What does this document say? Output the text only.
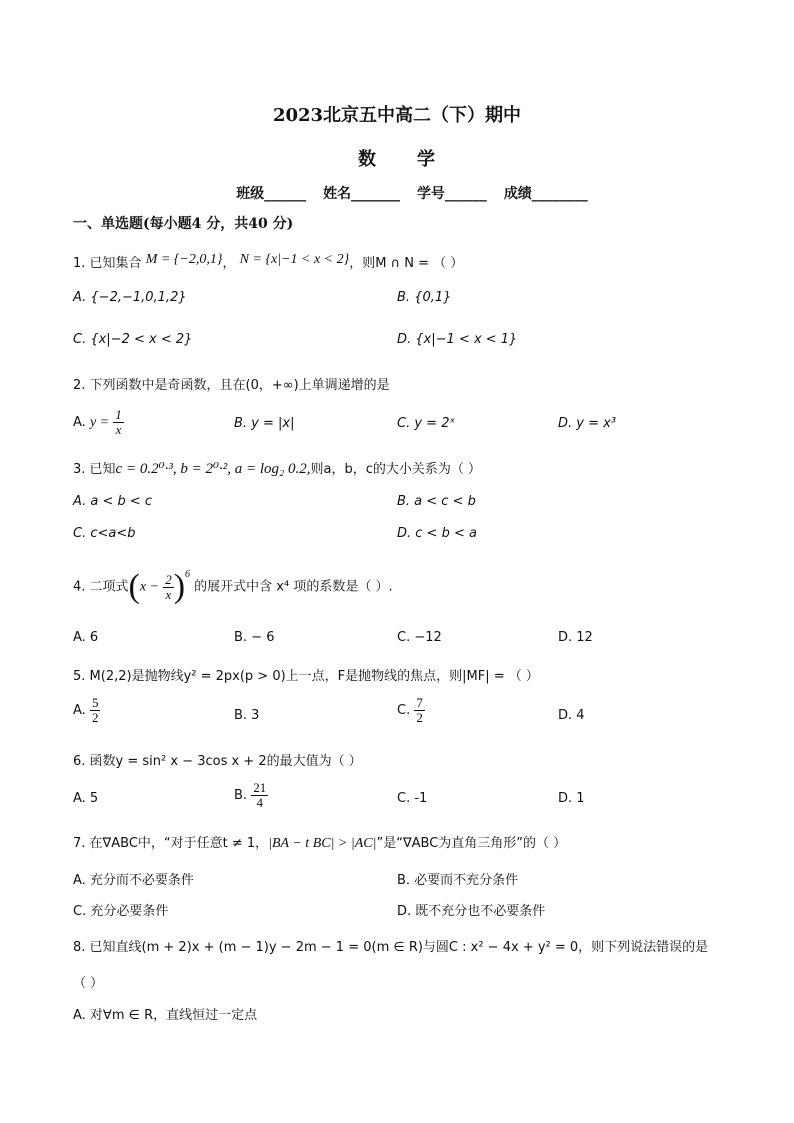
2023北京五中高二（下）期中
数 学
班级______ 姓名_______ 学号______ 成绩________
一、单选题(每小题4 分，共40 分)
1. 已知集合 M = {−2,0,1}， N = {x|−1 < x < 2}，则M ∩ N = （ ）
A. {−2,−1,0,1,2}	B. {0,1}
C. {x|−2 < x < 2}	D. {x|−1 < x < 1}
2. 下列函数中是奇函数，且在(0，+∞)上单调递增的是
A. $y = \frac{1}{x}$	B. y = |x|	C. y = 2ˣ	D. y = x³
3. 已知c = 0.2⁰·³, b = 2⁰·², a = log₂ 0.2,则a，b，c的大小关系为（ ）
A. a < b < c	B. a < c < b
C. c<a<b	D. c < b < a
4. 二项式$(x - \frac{2}{x} )^6$ 的展开式中含 x⁴ 项的系数是（ ）.
A. 6	B. − 6	C. −12	D. 12
5. M(2,2)是抛物线y² = 2px(p > 0)上一点，F是抛物线的焦点，则|MF| = （ ）
A. $\frac{5}{2}$	B. 3	C. $\frac{7}{2}$	D. 4
6. 函数y = sin² x − 3cos x + 2的最大值为（ ）
A. 5	B. $\frac{21}{4}$	C. -1	D. 1
7. 在∇ABC中，“对于任意t ≠ 1，|BA − t BC| > |AC|”是“∇ABC为直角三角形”的（ ）
A. 充分而不必要条件	B. 必要而不充分条件
C. 充分必要条件	D. 既不充分也不必要条件
8. 已知直线(m + 2)x + (m − 1)y − 2m − 1 = 0(m ∈ R)与圆C : x² − 4x + y² = 0，则下列说法错误的是
（ ）
A. 对∀m ∈ R，直线恒过一定点
